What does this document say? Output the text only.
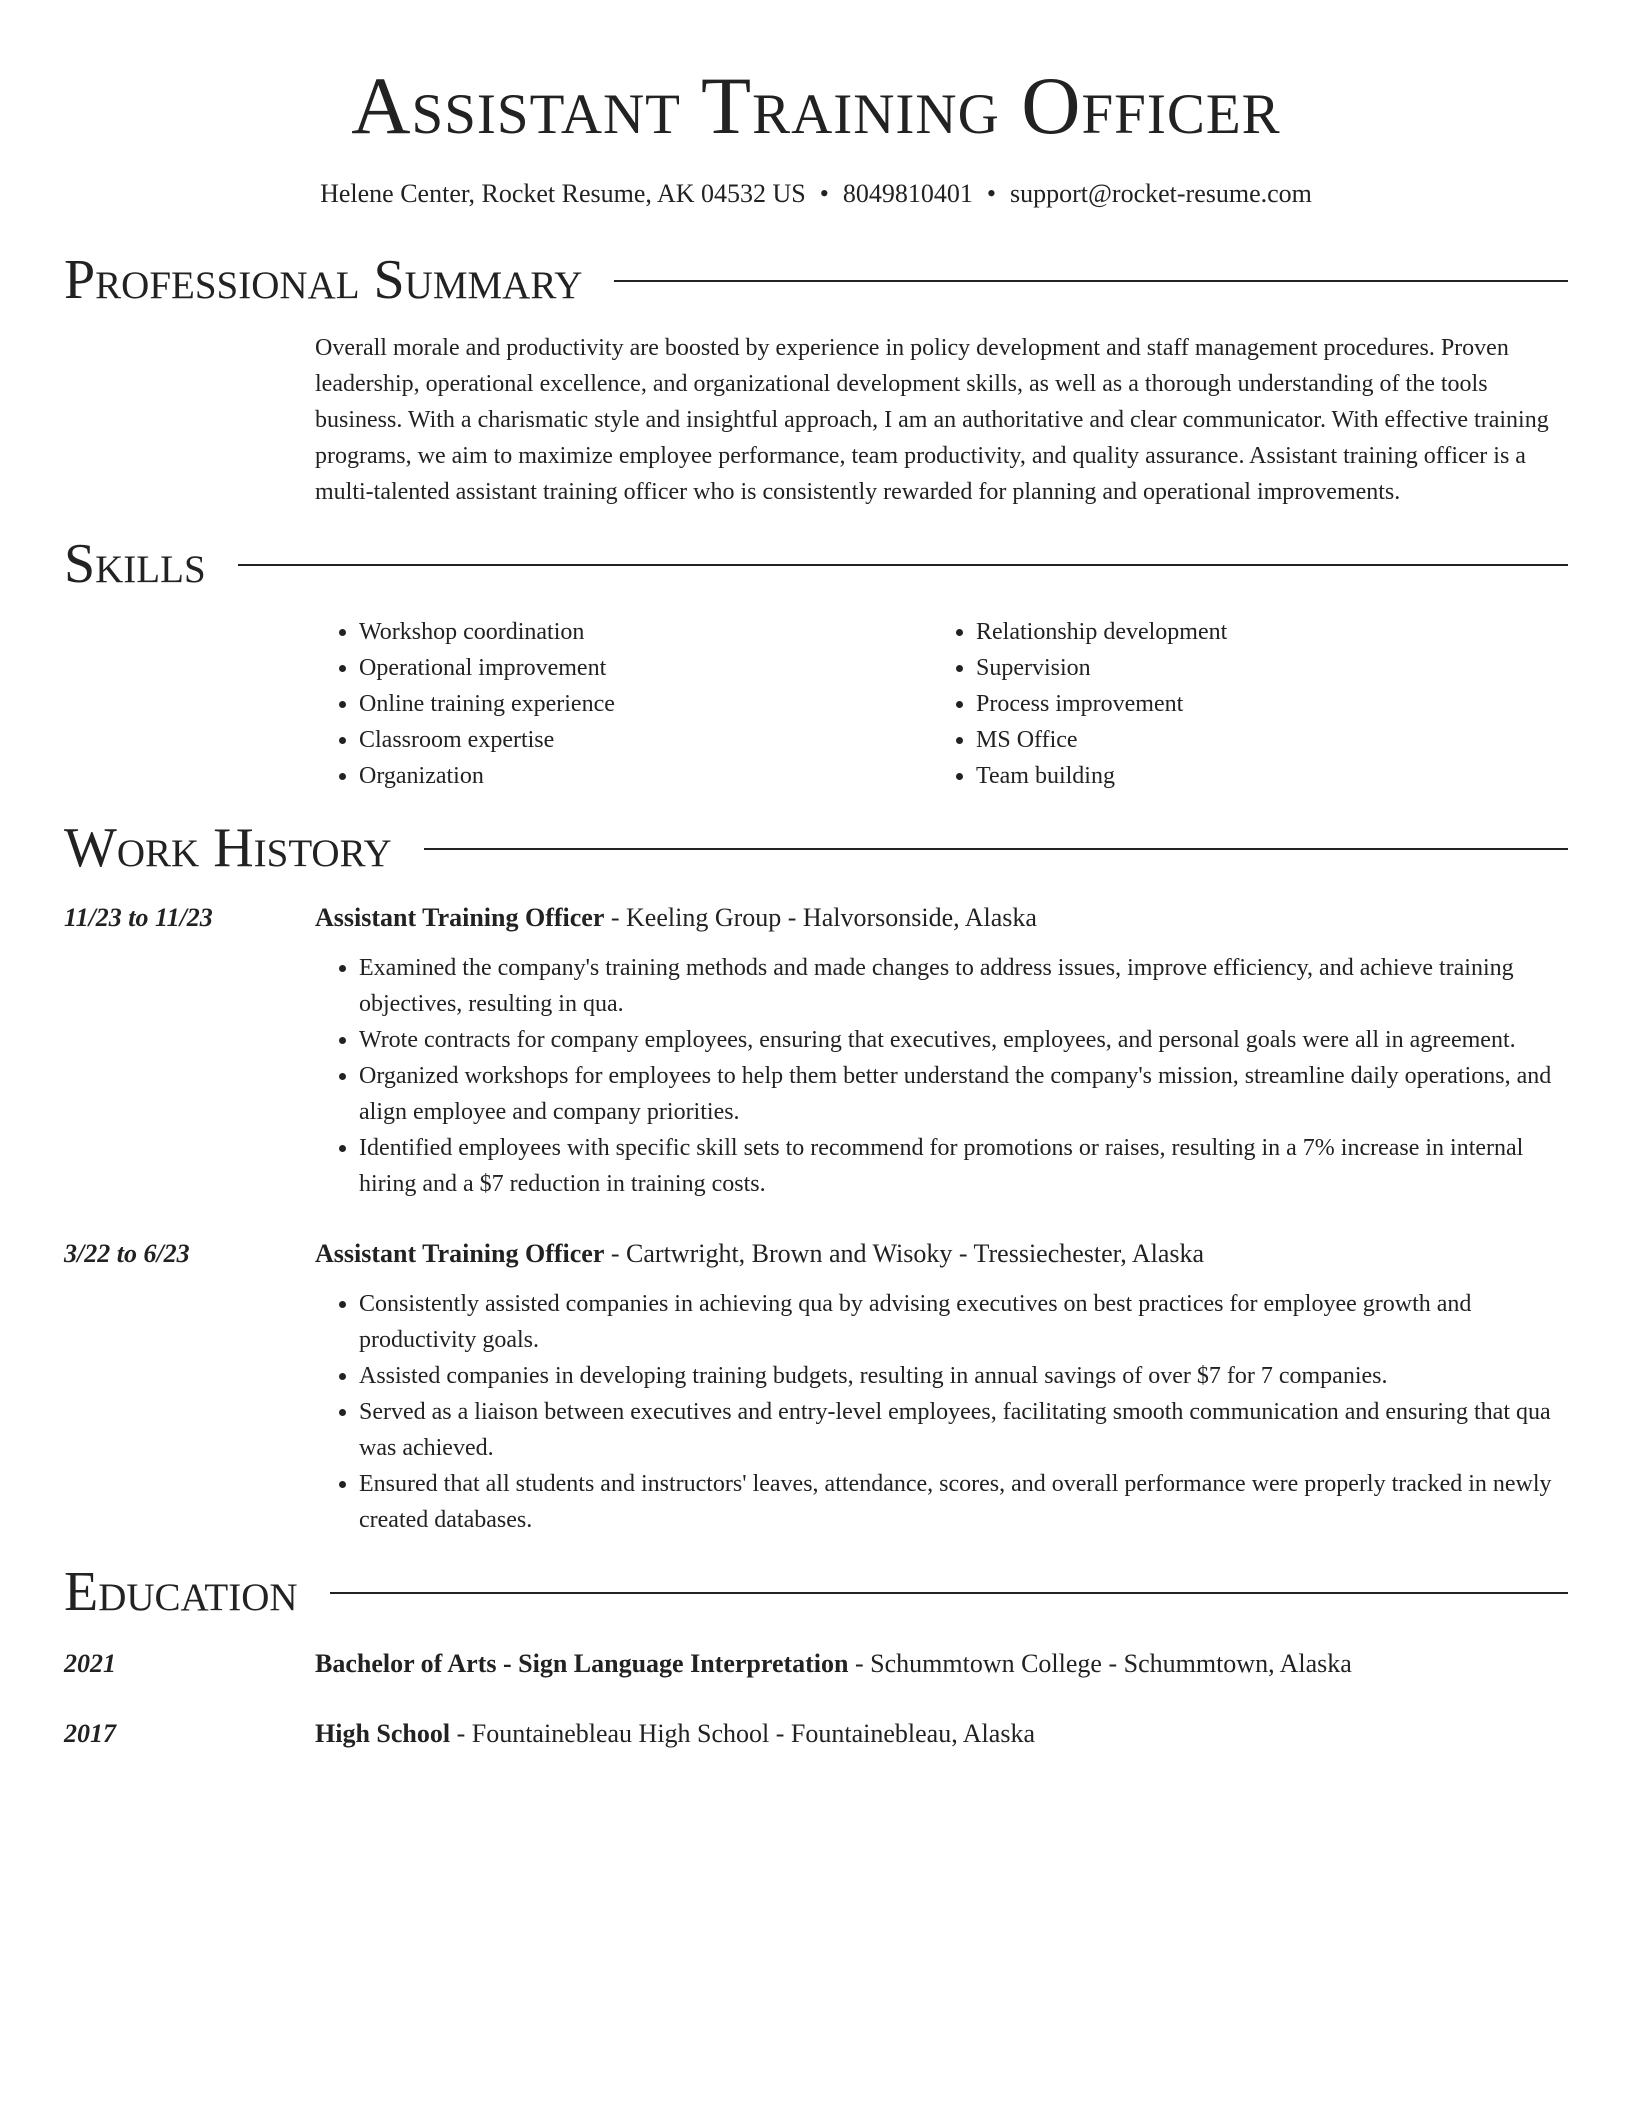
Assistant Training Officer
Helene Center, Rocket Resume, AK 04532 US • 8049810401 • support@rocket-resume.com
Professional Summary
Overall morale and productivity are boosted by experience in policy development and staff management procedures. Proven leadership, operational excellence, and organizational development skills, as well as a thorough understanding of the tools business. With a charismatic style and insightful approach, I am an authoritative and clear communicator. With effective training programs, we aim to maximize employee performance, team productivity, and quality assurance. Assistant training officer is a multi-talented assistant training officer who is consistently rewarded for planning and operational improvements.
Skills
• Workshop coordination
• Operational improvement
• Online training experience
• Classroom expertise
• Organization
• Relationship development
• Supervision
• Process improvement
• MS Office
• Team building
Work History
11/23 to 11/23	Assistant Training Officer - Keeling Group - Halvorsonside, Alaska
• Examined the company's training methods and made changes to address issues, improve efficiency, and achieve training objectives, resulting in qua.
• Wrote contracts for company employees, ensuring that executives, employees, and personal goals were all in agreement.
• Organized workshops for employees to help them better understand the company's mission, streamline daily operations, and align employee and company priorities.
• Identified employees with specific skill sets to recommend for promotions or raises, resulting in a 7% increase in internal hiring and a $7 reduction in training costs.
3/22 to 6/23	Assistant Training Officer - Cartwright, Brown and Wisoky - Tressiechester, Alaska
• Consistently assisted companies in achieving qua by advising executives on best practices for employee growth and productivity goals.
• Assisted companies in developing training budgets, resulting in annual savings of over $7 for 7 companies.
• Served as a liaison between executives and entry-level employees, facilitating smooth communication and ensuring that qua was achieved.
• Ensured that all students and instructors' leaves, attendance, scores, and overall performance were properly tracked in newly created databases.
Education
2021	Bachelor of Arts - Sign Language Interpretation - Schummtown College - Schummtown, Alaska
2017	High School - Fountainebleau High School - Fountainebleau, Alaska
